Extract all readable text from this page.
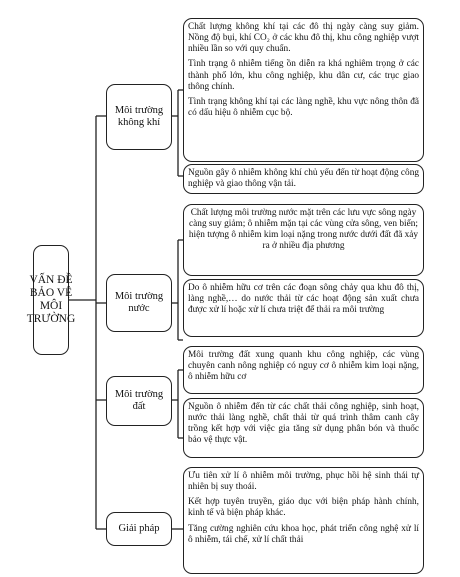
VẤN ĐỀ BẢO VỆ MÔI TRƯỜNG
Môi trường không khí

Chất lượng không khí tại các đô thị ngày càng suy giảm. Nồng độ bụi, khí CO₂ ở các khu đô thị, khu công nghiệp vượt nhiều lần so với quy chuẩn.

Tình trạng ô nhiễm tiếng ồn diễn ra khá nghiêm trọng ở các thành phố lớn, khu công nghiệp, khu dân cư, các trục giao thông chính.

Tình trạng không khí tại các làng nghề, khu vực nông thôn đã có dấu hiệu ô nhiễm cục bộ.

Nguồn gây ô nhiễm không khí chủ yếu đến từ hoạt động công nghiệp và giao thông vận tải.

Môi trường nước

Chất lượng môi trường nước mặt trên các lưu vực sông ngày càng suy giảm; ô nhiễm mặn tại các vùng cửa sông, ven biển; hiện tượng ô nhiễm kim loại nặng trong nước dưới đất đã xảy ra ở nhiều địa phương

Do ô nhiễm hữu cơ trên các đoạn sông chảy qua khu đô thị, làng nghề,… do nước thải từ các hoạt động sản xuất chưa được xử lí hoặc xử lí chưa triệt để thải ra môi trường

Môi trường đất

Môi trường đất xung quanh khu công nghiệp, các vùng chuyên canh nông nghiệp có nguy cơ ô nhiễm kim loại nặng, ô nhiễm hữu cơ

Nguồn ô nhiễm đến từ các chất thải công nghiệp, sinh hoạt, nước thải làng nghề, chất thải từ quá trình thâm canh cây trồng kết hợp với việc gia tăng sử dụng phân bón và thuốc bảo vệ thực vật.

Giải pháp

Ưu tiên xử lí ô nhiễm môi trường, phục hồi hệ sinh thái tự nhiên bị suy thoái.

Kết hợp tuyên truyền, giáo dục với biện pháp hành chính, kinh tế và biện pháp khác.

Tăng cường nghiên cứu khoa học, phát triển công nghệ xử lí ô nhiễm, tái chế, xử lí chất thải
